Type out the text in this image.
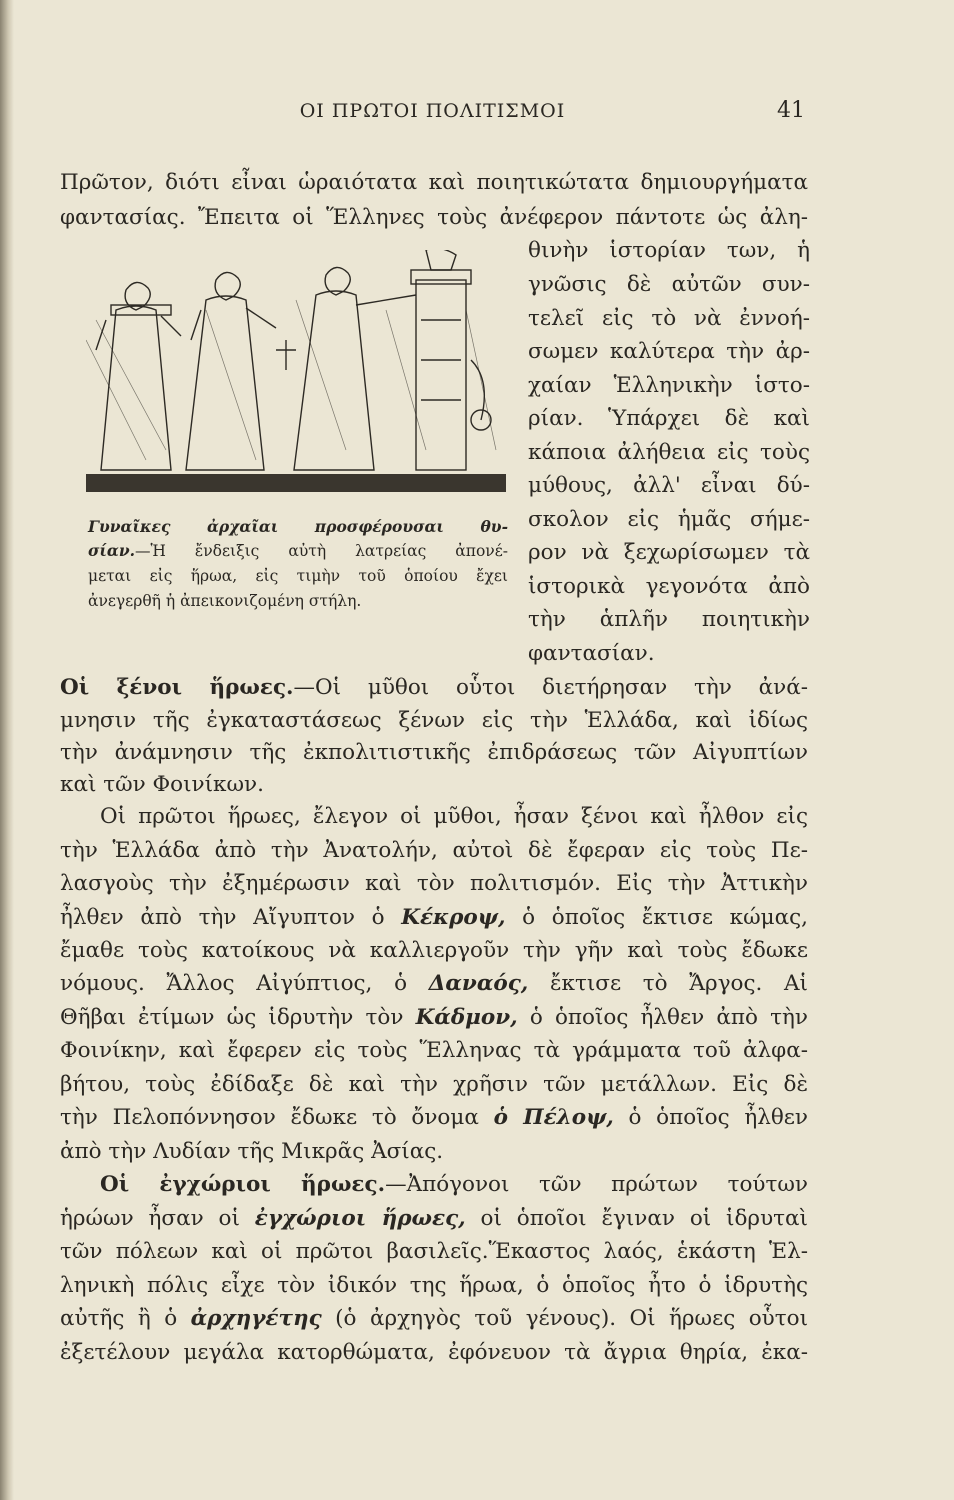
ΟΙ ΠΡΩΤΟΙ ΠΟΛΙΤΙΣΜΟΙ	41
Πρῶτον, διότι εἶναι ὡραιότατα καὶ ποιητικώτατα δημιουργήματα
φαντασίας. Ἔπειτα οἱ Ἕλληνες τοὺς ἀνέφερον πάντοτε ὡς ἀλη-
θινὴν ἱστορίαν των, ἡ
γνῶσις δὲ αὐτῶν συν-
τελεῖ εἰς τὸ νὰ ἐννοή-
σωμεν καλύτερα τὴν ἀρ-
χαίαν Ἑλληνικὴν ἱστο-
ρίαν. Ὑπάρχει δὲ καὶ
κάποια ἀλήθεια εἰς τοὺς
μύθους, ἀλλ' εἶναι δύ-
σκολον εἰς ἡμᾶς σήμε-
ρον νὰ ξεχωρίσωμεν τὰ
ἱστορικὰ γεγονότα ἀπὸ
τὴν ἁπλῆν ποιητικὴν
φαντασίαν.
Γυναῖκες ἀρχαῖαι προσφέρουσαι θυ-
σίαν.—Ἡ ἔνδειξις αὐτὴ λατρείας ἀπονέ-
μεται εἰς ἥρωα, εἰς τιμὴν τοῦ ὁποίου ἔχει
ἀνεγερθῆ ἡ ἀπεικονιζομένη στήλη.
Οἱ ξένοι ἥρωες.—Οἱ μῦθοι οὗτοι διετήρησαν τὴν ἀνά-
μνησιν τῆς ἐγκαταστάσεως ξένων εἰς τὴν Ἑλλάδα, καὶ ἰδίως
τὴν ἀνάμνησιν τῆς ἐκπολιτιστικῆς ἐπιδράσεως τῶν Αἰγυπτίων
καὶ τῶν Φοινίκων.
Οἱ πρῶτοι ἥρωες, ἔλεγον οἱ μῦθοι, ἦσαν ξένοι καὶ ἦλθον εἰς
τὴν Ἑλλάδα ἀπὸ τὴν Ἀνατολήν, αὐτοὶ δὲ ἔφεραν εἰς τοὺς Πε-
λασγοὺς τὴν ἐξημέρωσιν καὶ τὸν πολιτισμόν. Εἰς τὴν Ἀττικὴν
ἦλθεν ἀπὸ τὴν Αἴγυπτον ὁ Κέκροψ, ὁ ὁποῖος ἔκτισε κώμας,
ἔμαθε τοὺς κατοίκους νὰ καλλιεργοῦν τὴν γῆν καὶ τοὺς ἔδωκε
νόμους. Ἄλλος Αἰγύπτιος, ὁ Δαναός, ἔκτισε τὸ Ἄργος. Αἱ
Θῆβαι ἐτίμων ὡς ἱδρυτὴν τὸν Κάδμον, ὁ ὁποῖος ἦλθεν ἀπὸ τὴν
Φοινίκην, καὶ ἔφερεν εἰς τοὺς Ἕλληνας τὰ γράμματα τοῦ ἀλφα-
βήτου, τοὺς ἐδίδαξε δὲ καὶ τὴν χρῆσιν τῶν μετάλλων. Εἰς δὲ
τὴν Πελοπόννησον ἔδωκε τὸ ὄνομα ὁ Πέλοψ, ὁ ὁποῖος ἦλθεν
ἀπὸ τὴν Λυδίαν τῆς Μικρᾶς Ἀσίας.
Οἱ ἐγχώριοι ἥρωες.—Ἀπόγονοι τῶν πρώτων τούτων
ἡρώων ἦσαν οἱ ἐγχώριοι ἥρωες, οἱ ὁποῖοι ἔγιναν οἱ ἱδρυταὶ
τῶν πόλεων καὶ οἱ πρῶτοι βασιλεῖς.Ἕκαστος λαός, ἑκάστη Ἑλ-
ληνικὴ πόλις εἶχε τὸν ἰδικόν της ἥρωα, ὁ ὁποῖος ἦτο ὁ ἱδρυτὴς
αὐτῆς ἢ ὁ ἀρχηγέτης (ὁ ἀρχηγὸς τοῦ γένους). Οἱ ἥρωες οὗτοι
ἐξετέλουν μεγάλα κατορθώματα, ἐφόνευον τὰ ἄγρια θηρία, ἐκα-
